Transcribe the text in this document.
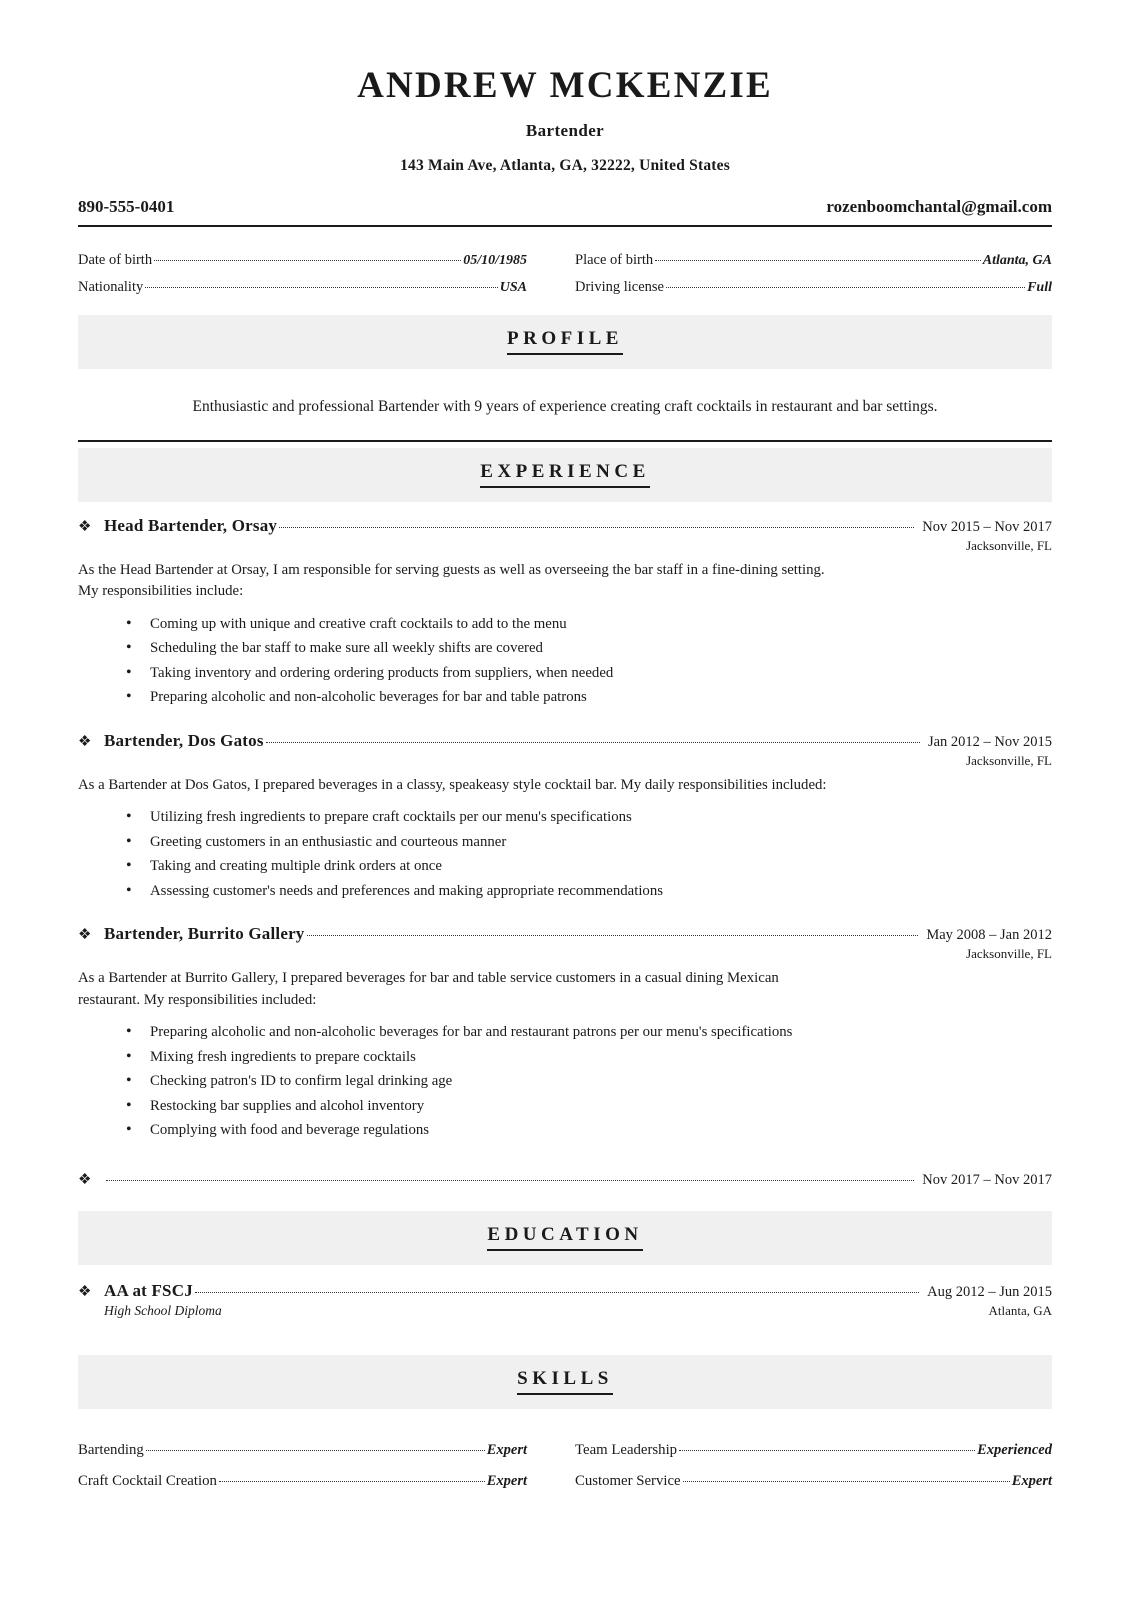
ANDREW MCKENZIE
Bartender
143 Main Ave, Atlanta, GA, 32222, United States
890-555-0401	rozenboomchantal@gmail.com
Date of birth	05/10/1985	Place of birth	Atlanta, GA
Nationality	USA	Driving license	Full
PROFILE

Enthusiastic and professional Bartender with 9 years of experience creating craft cocktails in restaurant and bar settings.

EXPERIENCE
❖ Head Bartender, Orsay	Nov 2015 – Nov 2017
Jacksonville, FL

As the Head Bartender at Orsay, I am responsible for serving guests as well as overseeing the bar staff in a fine-dining setting. My responsibilities include:

• Coming up with unique and creative craft cocktails to add to the menu
• Scheduling the bar staff to make sure all weekly shifts are covered
• Taking inventory and ordering ordering products from suppliers, when needed
• Preparing alcoholic and non-alcoholic beverages for bar and table patrons
❖ Bartender, Dos Gatos	Jan 2012 – Nov 2015
Jacksonville, FL

As a Bartender at Dos Gatos, I prepared beverages in a classy, speakeasy style cocktail bar. My daily responsibilities included:

• Utilizing fresh ingredients to prepare craft cocktails per our menu's specifications
• Greeting customers in an enthusiastic and courteous manner
• Taking and creating multiple drink orders at once
• Assessing customer's needs and preferences and making appropriate recommendations
❖ Bartender, Burrito Gallery	May 2008 – Jan 2012
Jacksonville, FL

As a Bartender at Burrito Gallery, I prepared beverages for bar and table service customers in a casual dining Mexican restaurant. My responsibilities included:

• Preparing alcoholic and non-alcoholic beverages for bar and restaurant patrons per our menu's specifications
• Mixing fresh ingredients to prepare cocktails
• Checking patron's ID to confirm legal drinking age
• Restocking bar supplies and alcohol inventory
• Complying with food and beverage regulations
❖	Nov 2017 – Nov 2017
EDUCATION
❖ AA at FSCJ	Aug 2012 – Jun 2015
High School Diploma	Atlanta, GA
SKILLS
Bartending	Expert	Team Leadership	Experienced
Craft Cocktail Creation	Expert	Customer Service	Expert
